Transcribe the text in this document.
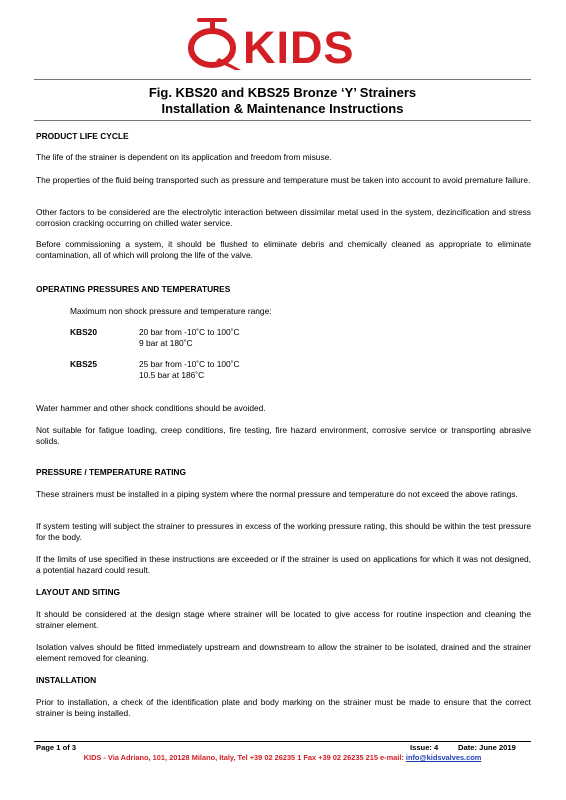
KIDS
Fig. KBS20 and KBS25 Bronze ‘Y’ Strainers
Installation & Maintenance Instructions
PRODUCT LIFE CYCLE
The life of the strainer is dependent on its application and freedom from misuse.
The properties of the fluid being transported such as pressure and temperature must be taken into account to avoid premature failure.
Other factors to be considered are the electrolytic interaction between dissimilar metal used in the system, dezincification and stress corrosion cracking occurring on chilled water service.
Before commissioning a system, it should be flushed to eliminate debris and chemically cleaned as appropriate to eliminate contamination, all of which will prolong the life of the valve.
OPERATING PRESSURES AND TEMPERATURES
Maximum non shock pressure and temperature range:
KBS20	20 bar from -10˚C to 100˚C
9 bar at 180˚C
KBS25	25 bar from -10˚C to 100˚C
10.5 bar at 186˚C
Water hammer and other shock conditions should be avoided.
Not suitable for fatigue loading, creep conditions, fire testing, fire hazard environment, corrosive service or transporting abrasive solids.
PRESSURE / TEMPERATURE RATING
These strainers must be installed in a piping system where the normal pressure and temperature do not exceed the above ratings.
If system testing will subject the strainer to pressures in excess of the working pressure rating, this should be within the test pressure for the body.
If the limits of use specified in these instructions are exceeded or if the strainer is used on applications for which it was not designed, a potential hazard could result.
LAYOUT AND SITING
It should be considered at the design stage where strainer will be located to give access for routine inspection and cleaning the strainer element.
Isolation valves should be fitted immediately upstream and downstream to allow the strainer to be isolated, drained and the strainer element removed for cleaning.
INSTALLATION
Prior to installation, a check of the identification plate and body marking on the strainer must be made to ensure that the correct strainer is being installed.
Page 1 of 3	Issue: 4	Date: June 2019
KIDS - Via Adriano, 101, 20128 Milano, Italy, Tel +39 02 26235 1 Fax +39 02 26235 215 e-mail: info@kidsvalves.com
